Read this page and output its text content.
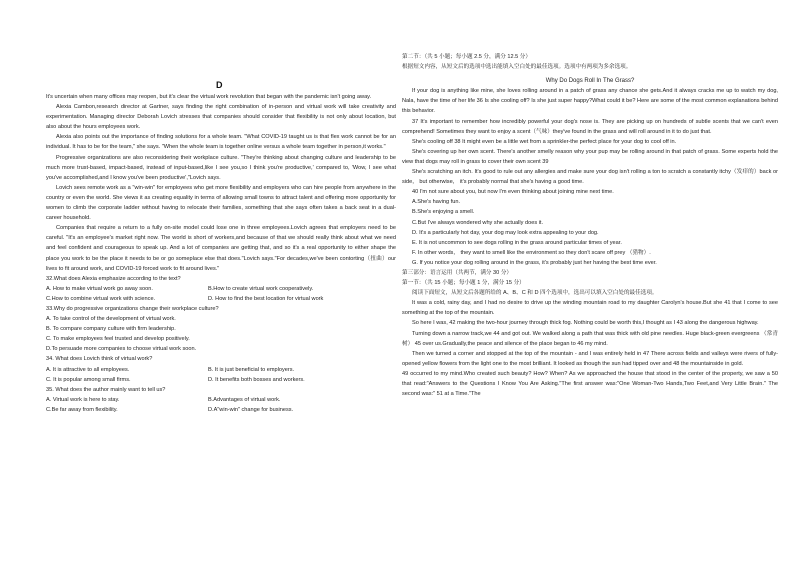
D

It's uncertain when many offices may reopen, but it's clear the virtual work revolution that began with the pandemic isn't going away.

Alexia Cambon,research director at Gartner, says finding the right combination of in-person and virtual work will take creativity and experimentation. Managing director Deborah Lovich stresses that companies should consider that flexibility is not only about location, but also about the hours employees work.

Alexia also points out the importance of finding solutions for a whole team. "What COVID-19 taught us is that flex work cannot be for an individual. It has to be for the team," she says. "When the whole team is together online versus a whole team together in person,it works."

Progressive organizations are also reconsidering their workplace culture. "They're thinking about changing culture and leadership to be much more trust-based, impact-based, instead of input-based,like I see you,so I think you're productive,' compared to, 'Wow, I see what you've accomplished,and I know you've been productive',"Lovich says.

Lovich sees remote work as a "win-win" for employees who get more flexibility and employers who can hire people from anywhere in the country or even the world. She views it as creating equality in terms of allowing small towns to attract talent and offering more opportunity for women to climb the corporate ladder without having to relocate their families, something that she says often takes a back seat in a dual-career household.

Companies that require a return to a fully on-site model could lose one in three employees.Lovich agrees that employers need to be careful. "It's an employee's market right now. The world is short of workers,and because of that we should really think about what we need and feel confident and courageous to speak up. And a lot of companies are getting that, and so it's a real opportunity to either shape the place you work to be the place it needs to be or go someplace else that does."Lovich says."For decades,we've been contorting（扭曲）our lives to fit around work, and COVID-19 forced work to fit around lives."

32.What does Alexia emphasize according to the text?

A. How to make virtual work go away soon.	B.How to create virtual work cooperatively.
C.How to combine virtual work with science.	D. How to find the best location for virtual work

33.Why do progressive organizations change their workplace culture?

A. To take control of the development of virtual work.

B. To compare company culture with firm leadership.

C. To make employees feel trusted and develop positively.

D.To persuade more companies to choose virtual work soon.

34. What does Lovich think of virtual work?

A. It is attractive to all employees.	B. It is just beneficial to employers.
C. It is popular among small firms.	D. It benefits both bosses and workers.

35. What does the author mainly want to tell us?

A. Virtual work is here to stay.	B.Advantages of virtual work.
C.Be far away from flexibility.	D.A"win-win" change for business.

第二节：（共 5 小题；每小题 2.5 分，满分 12.5 分）

根据短文内容，从短文后的选项中选出能填入空白处的最佳选项。选项中有两项为多余选项。

Why Do Dogs Roll In The Grass?

If your dog is anything like mine, she loves rolling around in a patch of grass any chance she gets.And it always cracks me up to watch my dog, Nala, have the time of her life 36 Is she cooling off? Is she just super happy?What could it be? Here are some of the most common explanations behind this behavior.

37 It's important to remember how incredibly powerful your dog's nose is. They are picking up on hundreds of subtle scents that we can't even comprehend! Sometimes they want to enjoy a scent（气味）they've found in the grass and will roll around in it to do just that.

She's cooling off 38 It might even be a little wet from a sprinkler-the perfect place for your dog to cool off in.

She's covering up her own scent. There's another smelly reason why your pup may be rolling around in that patch of grass. Some experts hold the view that dogs may roll in grass to cover their own scent 39

She's scratching an itch. It's good to rule out any allergies and make sure your dog isn't rolling a ton to scratch a constantly itchy（发痒的）back or side， but otherwise， it's probably normal that she's having a good time.

40 I'm not sure about you, but now I'm even thinking about joining mine next time.

A.She's having fun.

B.She's enjoying a smell.

C.But I've always wondered why she actually does it.

D. It's a particularly hot day, your dog may look extra appealing to your dog.

E. It is not uncommon to see dogs rolling in the grass around particular times of year.

F. In other words， they want to smell like the environment so they don't scare off prey （猎物）.

G. If you notice your dog rolling around in the grass, it's probably just her having the best time ever.

第三部分：语言运用（共两节，满分 30 分）

第一节：（共 15 小题；每小题 1 分，满分 15 分）

阅读下面短文，从短文后各题所给的 A、B、C 和 D 四个选项中，选出可以填入空白处的最佳选项。

It was a cold, rainy day, and I had no desire to drive up the winding mountain road to my daughter Carolyn's house.But she 41 that I come to see something at the top of the mountain.

So here I was, 42 making the two-hour journey through thick fog. Nothing could be worth this,I thought as I 43 along the dangerous highway.

Turning down a narrow track,we 44 and got out. We walked along a path that was thick with old pine needles. Huge black-green evergreens （常青树） 45 over us.Gradually,the peace and silence of the place began to 46 my mind.

Then we turned a corner and stopped at the top of the mountain - and I was entirely held in 47 There across fields and valleys were rivers of fully-opened yellow flowers from the light one to the most brilliant. It looked as though the sun had tipped over and 48 the mountainside in gold.

49 occurred to my mind.Who created such beauty? How? When? As we approached the house that stood in the center of the property, we saw a 50 that read:"Answers to the Questions I Know You Are Asking."The first answer was:"One Woman-Two Hands,Two Feet,and Very Little Brain." The second was:" 51 at a Time."The
